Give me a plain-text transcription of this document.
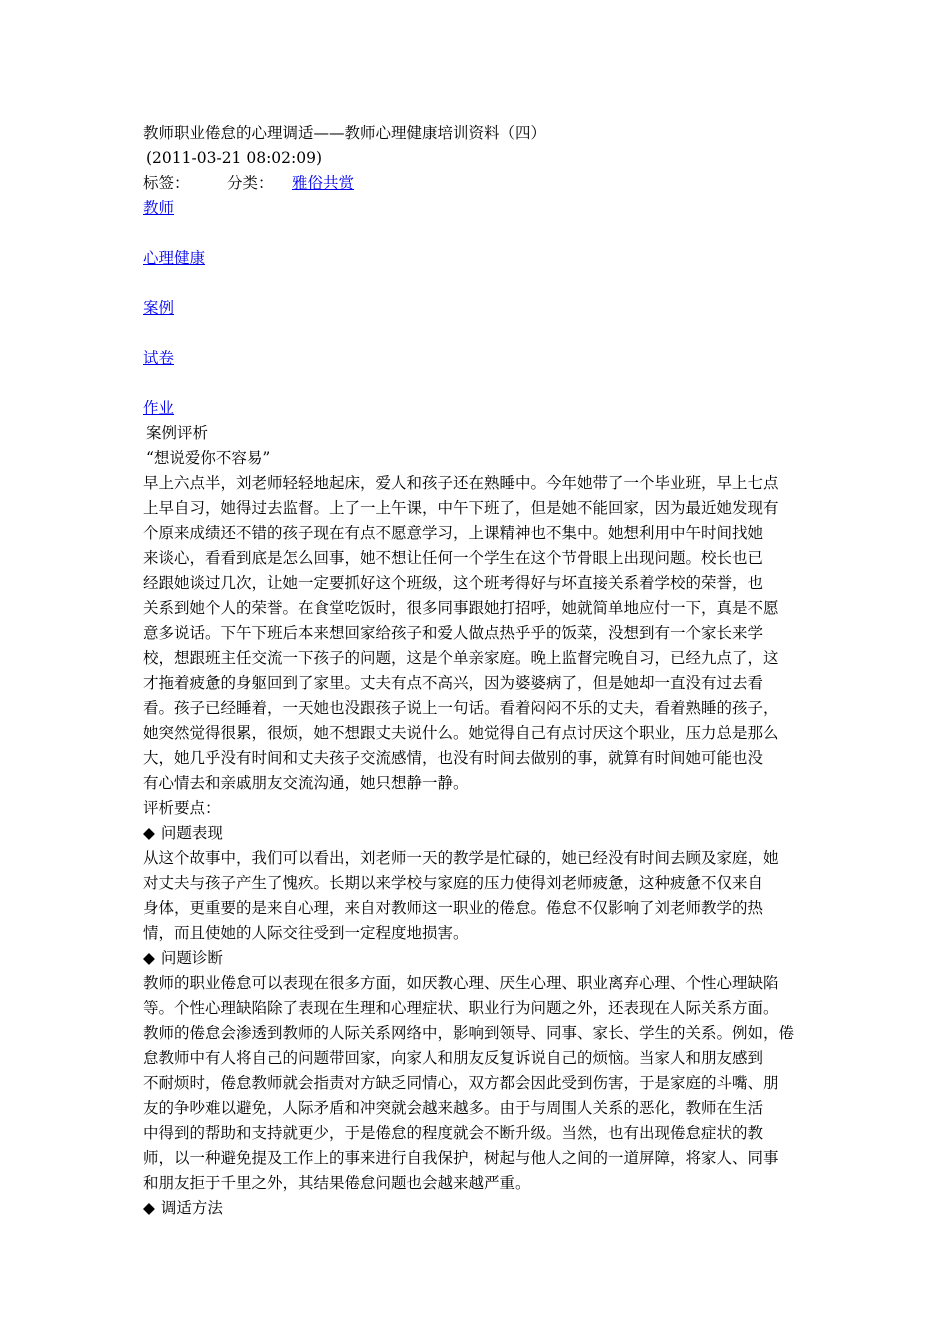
教师职业倦怠的心理调适——教师心理健康培训资料（四）
(2011-03-21 08:02:09)
标签： 分类： 雅俗共赏
教师
心理健康
案例
试卷
作业
案例评析
“想说爱你不容易”
早上六点半，刘老师轻轻地起床，爱人和孩子还在熟睡中。今年她带了一个毕业班，早上七点
上早自习，她得过去监督。上了一上午课，中午下班了，但是她不能回家，因为最近她发现有
个原来成绩还不错的孩子现在有点不愿意学习，上课精神也不集中。她想利用中午时间找她
来谈心，看看到底是怎么回事，她不想让任何一个学生在这个节骨眼上出现问题。校长也已
经跟她谈过几次，让她一定要抓好这个班级，这个班考得好与坏直接关系着学校的荣誉，也
关系到她个人的荣誉。在食堂吃饭时，很多同事跟她打招呼，她就简单地应付一下，真是不愿
意多说话。下午下班后本来想回家给孩子和爱人做点热乎乎的饭菜，没想到有一个家长来学
校，想跟班主任交流一下孩子的问题，这是个单亲家庭。晚上监督完晚自习，已经九点了，这
才拖着疲惫的身躯回到了家里。丈夫有点不高兴，因为婆婆病了，但是她却一直没有过去看
看。孩子已经睡着，一天她也没跟孩子说上一句话。看着闷闷不乐的丈夫，看着熟睡的孩子，
她突然觉得很累，很烦，她不想跟丈夫说什么。她觉得自己有点讨厌这个职业，压力总是那么
大，她几乎没有时间和丈夫孩子交流感情，也没有时间去做别的事，就算有时间她可能也没
有心情去和亲戚朋友交流沟通，她只想静一静。
评析要点：
◆ 问题表现
从这个故事中，我们可以看出，刘老师一天的教学是忙碌的，她已经没有时间去顾及家庭，她
对丈夫与孩子产生了愧疚。长期以来学校与家庭的压力使得刘老师疲惫，这种疲惫不仅来自
身体，更重要的是来自心理，来自对教师这一职业的倦怠。倦怠不仅影响了刘老师教学的热
情，而且使她的人际交往受到一定程度地损害。
◆ 问题诊断
教师的职业倦怠可以表现在很多方面，如厌教心理、厌生心理、职业离弃心理、个性心理缺陷
等。个性心理缺陷除了表现在生理和心理症状、职业行为问题之外，还表现在人际关系方面。
教师的倦怠会渗透到教师的人际关系网络中，影响到领导、同事、家长、学生的关系。例如，倦
怠教师中有人将自己的问题带回家，向家人和朋友反复诉说自己的烦恼。当家人和朋友感到
不耐烦时，倦怠教师就会指责对方缺乏同情心，双方都会因此受到伤害，于是家庭的斗嘴、朋
友的争吵难以避免，人际矛盾和冲突就会越来越多。由于与周围人关系的恶化，教师在生活
中得到的帮助和支持就更少，于是倦怠的程度就会不断升级。当然，也有出现倦怠症状的教
师，以一种避免提及工作上的事来进行自我保护，树起与他人之间的一道屏障，将家人、同事
和朋友拒于千里之外，其结果倦怠问题也会越来越严重。
◆ 调适方法
